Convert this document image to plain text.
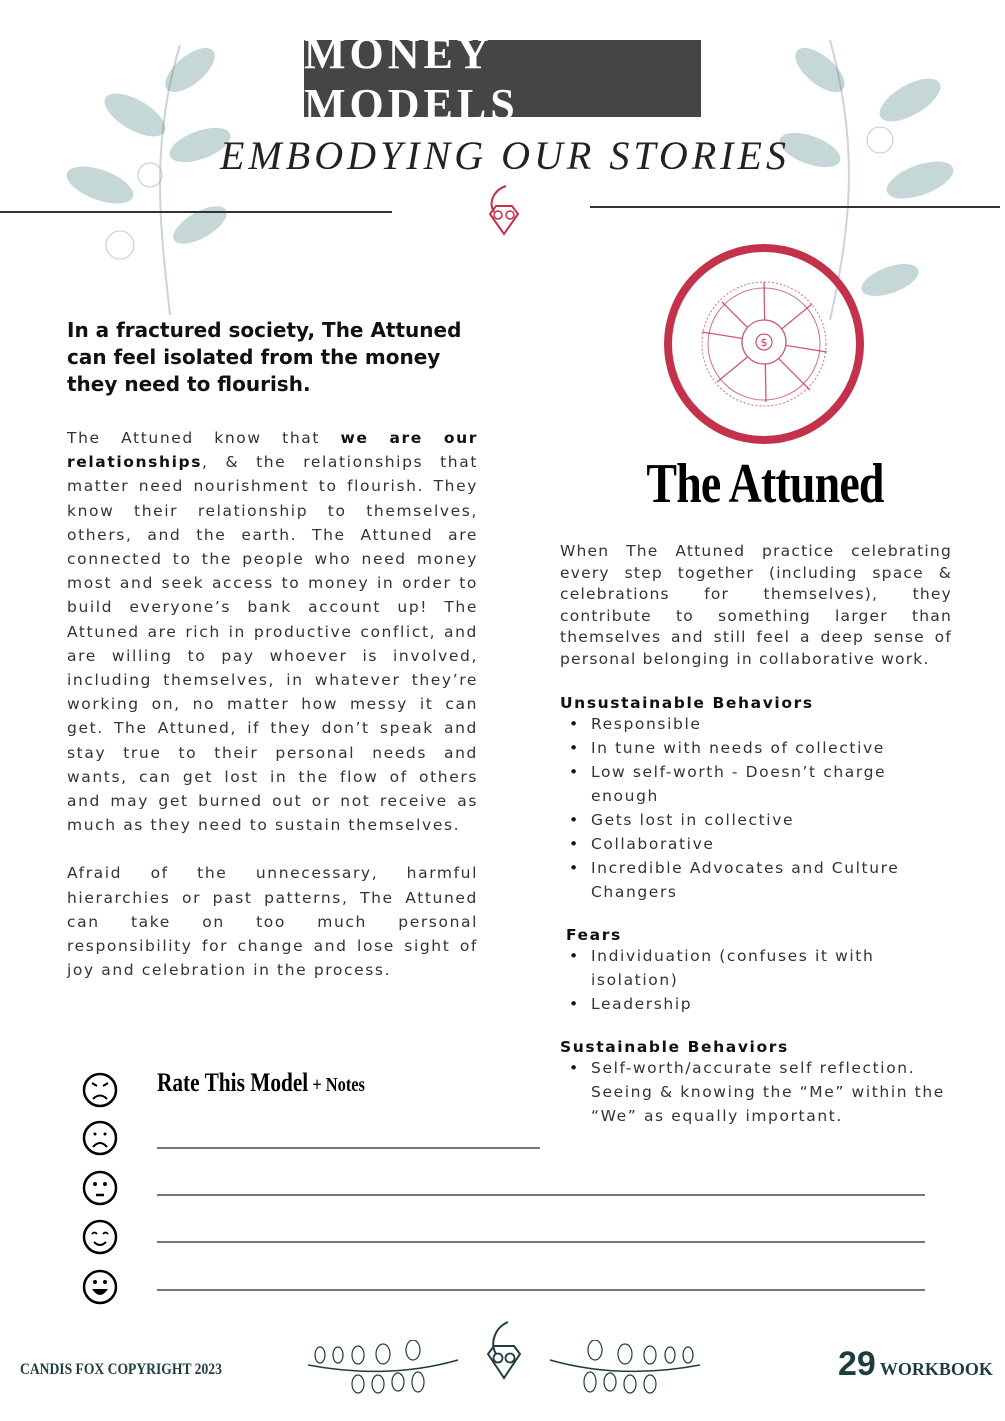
MONEY MODELS
EMBODYING OUR STORIES
In a fractured society, The Attuned can feel isolated from the money they need to flourish.

The Attuned know that we are our relationships, & the relationships that matter need nourishment to flourish. They know their relationship to themselves, others, and the earth. The Attuned are connected to the people who need money most and seek access to money in order to build everyone’s bank account up! The Attuned are rich in productive conflict, and are willing to pay whoever is involved, including themselves, in whatever they’re working on, no matter how messy it can get. The Attuned, if they don’t speak and stay true to their personal needs and wants, can get lost in the flow of others and may get burned out or not receive as much as they need to sustain themselves.

Afraid of the unnecessary, harmful hierarchies or past patterns, The Attuned can take on too much personal responsibility for change and lose sight of joy and celebration in the process.

$
The Attuned
When The Attuned practice celebrating every step together (including space & celebrations for themselves), they contribute to something larger than themselves and still feel a deep sense of personal belonging in collaborative work.
Unsustainable Behaviors
• Responsible
• In tune with needs of collective
• Low self-worth - Doesn’t charge enough
• Gets lost in collective
• Collaborative
• Incredible Advocates and Culture Changers
Fears
• Individuation (confuses it with isolation)
• Leadership
Sustainable Behaviors
• Self-worth/accurate self reflection. Seeing & knowing the “Me” within the “We” as equally important.
Rate This Model + Notes
CANDIS FOX COPYRIGHT 2023	29 WORKBOOK
